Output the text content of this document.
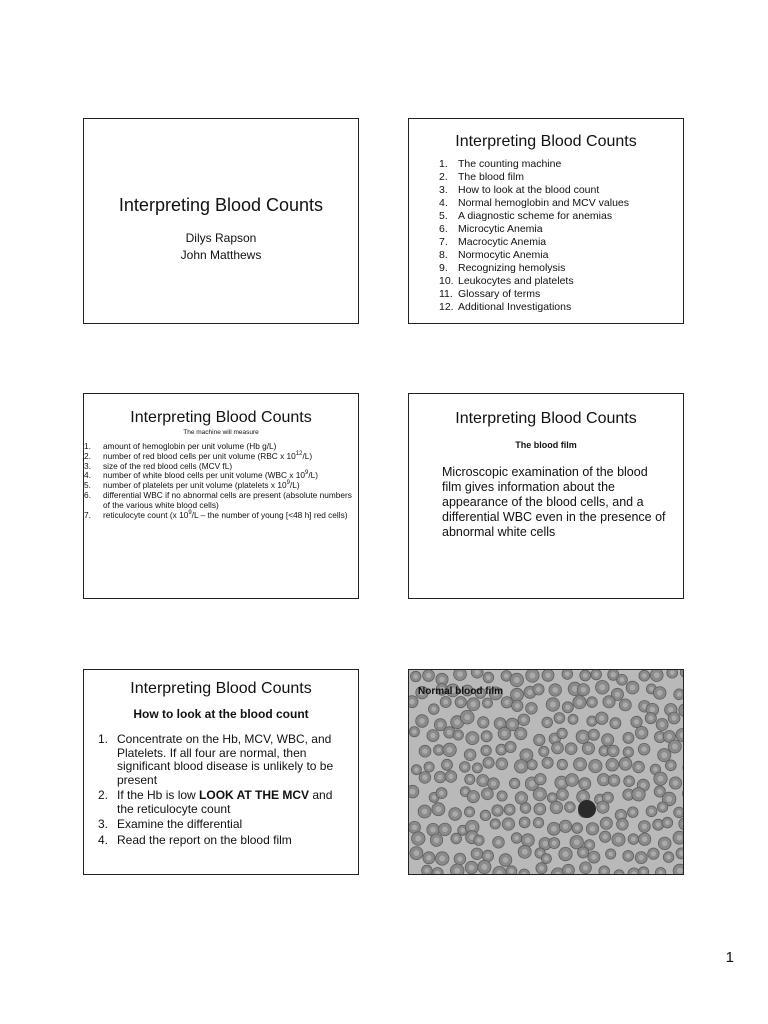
Interpreting Blood Counts
Dilys Rapson
John Matthews
Interpreting Blood Counts
1. The counting machine
2. The blood film
3. How to look at the blood count
4. Normal hemoglobin and MCV values
5. A diagnostic scheme for anemias
6. Microcytic Anemia
7. Macrocytic Anemia
8. Normocytic Anemia
9. Recognizing hemolysis
10. Leukocytes and platelets
11. Glossary of terms
12. Additional Investigations
Interpreting Blood Counts
The machine will measure
1.	amount of hemoglobin per unit volume (Hb g/L)
2.	number of red blood cells per unit volume (RBC x $10^{12}/L$)
3.	size of the red blood cells (MCV fL)
4.	number of white blood cells per unit volume (WBC x $10^9/L$)
5.	number of platelets per unit volume (platelets x $10^9/L$)
6.	differential WBC if no abnormal cells are present (absolute numbers of the various white blood cells)
7.	reticulocyte count (x $10^9/L$ – the number of young [<48 h] red cells)
Interpreting Blood Counts
The blood film
Microscopic examination of the blood film gives information about the appearance of the blood cells, and a differential WBC even in the presence of abnormal white cells
Interpreting Blood Counts
How to look at the blood count
1. Concentrate on the Hb, MCV, WBC, and Platelets. If all four are normal, then significant blood disease is unlikely to be present
2. If the Hb is low LOOK AT THE MCV and the reticulocyte count
3. Examine the differential
4. Read the report on the blood film
Normal blood film
1
